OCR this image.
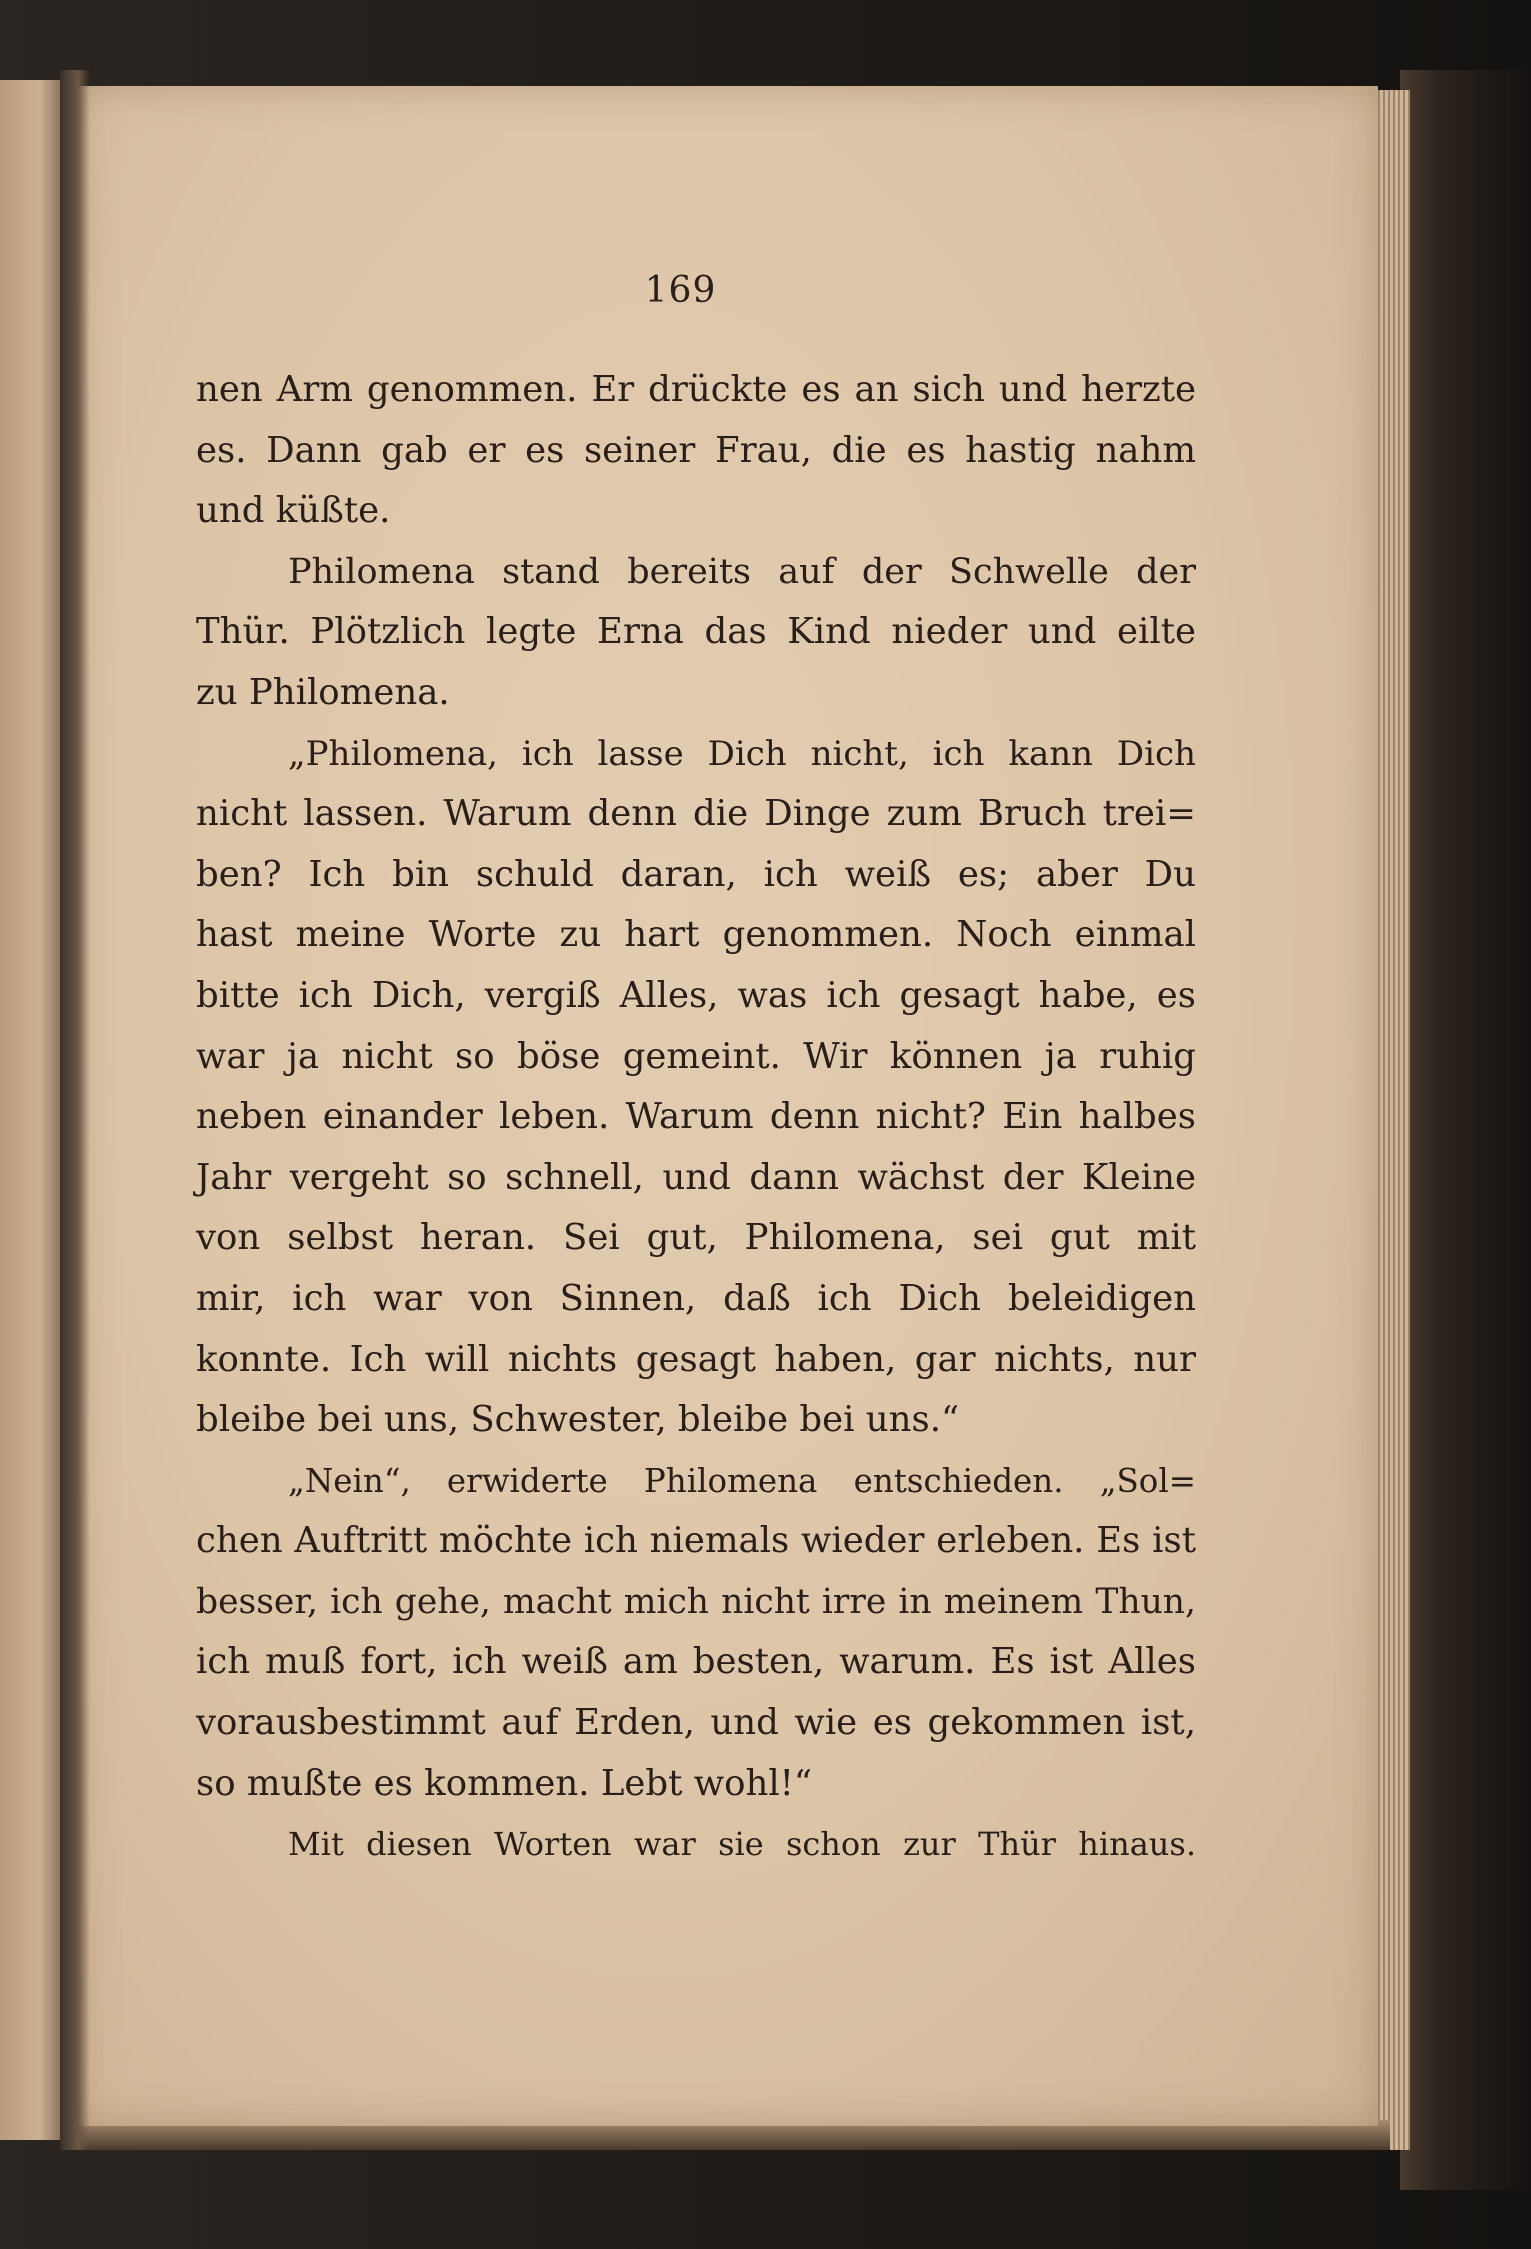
169
nen Arm genommen. Er drückte es an sich und herzte
es. Dann gab er es seiner Frau, die es hastig nahm
und küßte.
Philomena stand bereits auf der Schwelle der
Thür. Plötzlich legte Erna das Kind nieder und eilte
zu Philomena.
„Philomena, ich lasse Dich nicht, ich kann Dich
nicht lassen. Warum denn die Dinge zum Bruch trei=
ben? Ich bin schuld daran, ich weiß es; aber Du
hast meine Worte zu hart genommen. Noch einmal
bitte ich Dich, vergiß Alles, was ich gesagt habe, es
war ja nicht so böse gemeint. Wir können ja ruhig
neben einander leben. Warum denn nicht? Ein halbes
Jahr vergeht so schnell, und dann wächst der Kleine
von selbst heran. Sei gut, Philomena, sei gut mit
mir, ich war von Sinnen, daß ich Dich beleidigen
konnte. Ich will nichts gesagt haben, gar nichts, nur
bleibe bei uns, Schwester, bleibe bei uns.“
„Nein“, erwiderte Philomena entschieden. „Sol=
chen Auftritt möchte ich niemals wieder erleben. Es ist
besser, ich gehe, macht mich nicht irre in meinem Thun,
ich muß fort, ich weiß am besten, warum. Es ist Alles
vorausbestimmt auf Erden, und wie es gekommen ist,
so mußte es kommen. Lebt wohl!“
Mit diesen Worten war sie schon zur Thür hinaus.
